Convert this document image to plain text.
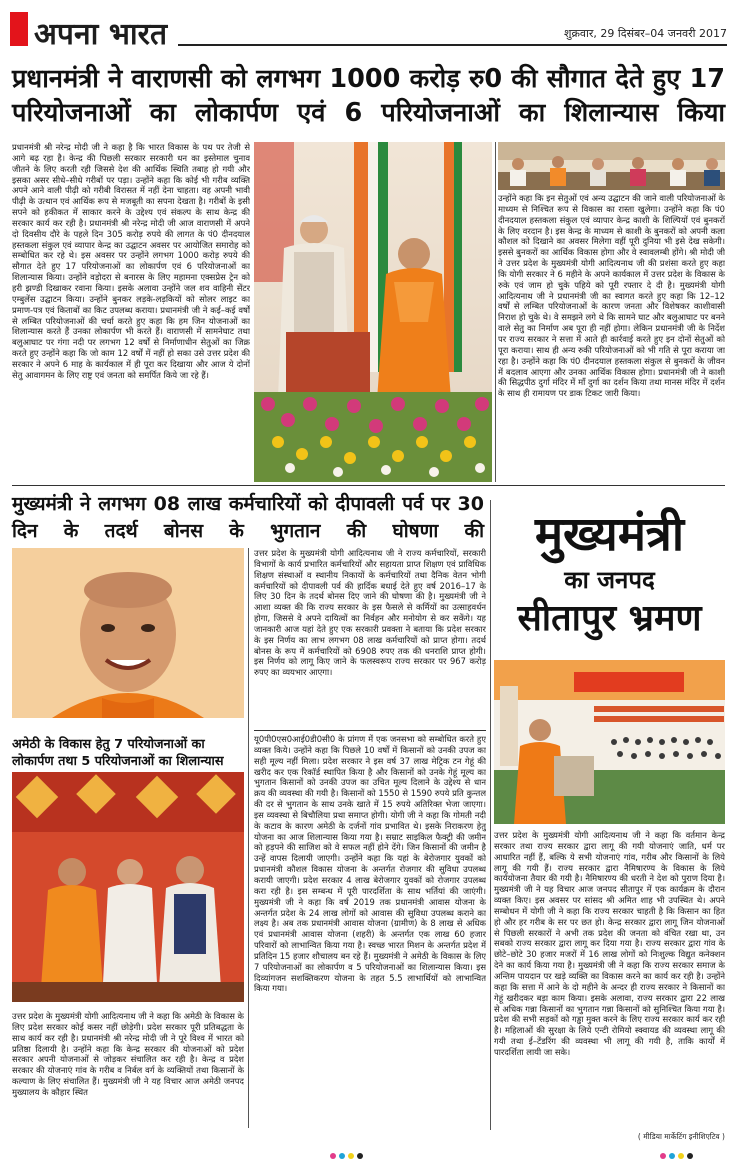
अपना भारत	शुक्रवार, 29 दिसंबर–04 जनवरी 2017
प्रधानमंत्री ने वाराणसी को लगभग 1000 करोड़ रु0 की सौगात देते हुए 17 परियोजनाओं का लोकार्पण एवं 6 परियोजनाओं का शिलान्यास किया

प्रधानमंत्री श्री नरेन्द्र मोदी जी ने कहा है कि भारत विकास के पथ पर तेजी से आगे बढ़ रहा है। केन्द्र की पिछली सरकार सरकारी धन का इस्तेमाल चुनाव जीतने के लिए करती रही जिससे देश की आर्थिक स्थिति तबाह हो गयी और इसका असर सीधे–सीधे गरीबों पर पड़ा। उन्होंने कहा कि कोई भी गरीब व्यक्ति अपने आने वाली पीढ़ी को गरीबी विरासत में नहीं देना चाहता। वह अपनी भावी पीढ़ी के उत्थान एवं आर्थिक रूप से मजबूती का सपना देखता है। गरीबों के इसी सपने को हकीकत में साकार करने के उद्देश्य एवं संकल्प के साथ केन्द्र की सरकार कार्य कर रही है। प्रधानमंत्री श्री नरेन्द्र मोदी जी आज वाराणसी में अपने दो दिवसीय दौरे के पहले दिन 305 करोड़ रुपये की लागत के पं0 दीनदयाल हस्तकला संकुल एवं व्यापार केन्द्र का उद्घाटन अवसर पर आयोजित समारोह को सम्बोधित कर रहे थे। इस अवसर पर उन्होंने लगभग 1000 करोड़ रुपये की सौगात देते हुए 17 परियोजनाओं का लोकार्पण एवं 6 परियोजनाओं का शिलान्यास किया। उन्होंने वड़ोदरा से बनारस के लिए महामना एक्सप्रेस ट्रेन को हरी झण्डी दिखाकर रवाना किया। इसके अलावा उन्होंने जल शव वाहिनी सेंटर एम्बुलेंस उद्घाटन किया। उन्होंने बुनकर लड़के-लड़कियों को सोलर लाइट का प्रमाण-पत्र एवं किताबों का किट उपलब्ध कराया। प्रधानमंत्री जी ने कई–कई वर्षों से लम्बित परियोजनाओं की चर्चा करते हुए कहा कि हम जिन योजनाओं का शिलान्यास करते हैं उनका लोकार्पण भी करते हैं। वाराणसी में सामनेघाट तथा बलुआघाट पर गंगा नदी पर लगभग 12 वर्षों से निर्माणाधीन सेतुओं का जिक्र करते हुए उन्होंने कहा कि जो काम 12 वर्षों में नहीं हो सका उसे उत्तर प्रदेश की सरकार ने अपने 6 माह के कार्यकाल में ही पूरा कर दिखाया और आज ये दोनों सेतु आवागमन के लिए राष्ट्र एवं जनता को समर्पित किये जा रहे हैं।

उन्होंने कहा कि इन सेतुओं एवं अन्य उद्घाटन की जाने वाली परियोजनाओं के माध्यम से निश्चित रूप से विकास का रास्ता खुलेगा। उन्होंने कहा कि पं0 दीनदयाल हस्तकला संकुल एवं व्यापार केन्द्र काशी के शिल्पियों एवं बुनकरों के लिए वरदान है। इस केन्द्र के माध्यम से काशी के बुनकरों को अपनी कला कौशल को दिखाने का अवसर मिलेगा वहीं पूरी दुनिया भी इसे देख सकेगी। इससे बुनकरों का आर्थिक विकास होगा और वे स्वावलम्बी होंगे। श्री मोदी जी ने उत्तर प्रदेश के मुख्यमंत्री योगी आदित्यनाथ जी की प्रशंसा करते हुए कहा कि योगी सरकार ने 6 महीने के अपने कार्यकाल में उत्तर प्रदेश के विकास के रुके एवं जाम हो चुके पहिये को पूरी रफ्तार दे दी है। मुख्यमंत्री योगी आदित्यनाथ जी ने प्रधानमंत्री जी का स्वागत करते हुए कहा कि 12–12 वर्षों से लम्बित परियोजनाओं के कारण जनता और विशेषकर काशीवासी निराश हो चुके थे। वे समझने लगे थे कि सामने घाट और बलुआघाट पर बनने वाले सेतु का निर्माण अब पूरा ही नहीं होगा। लेकिन प्रधानमंत्री जी के निर्देश पर राज्य सरकार ने सत्ता में आते ही कार्रवाई करते हुए इन दोनों सेतुओं को पूरा कराया। साथ ही अन्य रुकी परियोजनाओं को भी गति से पूरा कराया जा रहा है। उन्होंने कहा कि पं0 दीनदयाल हस्तकला संकुल से बुनकरों के जीवन में बदलाव आएगा और उनका आर्थिक विकास होगा। प्रधानमंत्री जी ने काशी की सिद्धपीठ दुर्गा मंदिर में माँ दुर्गा का दर्शन किया तथा मानस मंदिर में दर्शन के साथ ही रामायण पर डाक टिकट जारी किया।

मुख्यमंत्री ने लगभग 08 लाख कर्मचारियों को दीपावली पर्व पर 30 दिन के तदर्थ बोनस के भुगतान की घोषणा की

उत्तर प्रदेश के मुख्यमंत्री योगी आदित्यनाथ जी ने राज्य कर्मचारियों, सरकारी विभागों के कार्य प्रभारित कर्मचारियों और सहायता प्राप्त शिक्षण एवं प्राविधिक शिक्षण संस्थाओं व स्थानीय निकायों के कर्मचारियों तथा दैनिक वेतन भोगी कर्मचारियों को दीपावली पर्व की हार्दिक बधाई देते हुए वर्ष 2016–17 के लिए 30 दिन के तदर्थ बोनस दिए जाने की घोषणा की है। मुख्यमंत्री जी ने आशा व्यक्त की कि राज्य सरकार के इस फैसले से कर्मियों का उत्साहवर्धन होगा, जिससे वे अपने दायित्वों का निर्वहन और मनोयोग से कर सकेंगे। यह जानकारी आज यहां देते हुए एक सरकारी प्रवक्ता ने बताया कि प्रदेश सरकार के इस निर्णय का लाभ लगभग 08 लाख कर्मचारियों को प्राप्त होगा। तदर्थ बोनस के रूप में कर्मचारियों को 6908 रुपए तक की धनराशि प्राप्त होगी। इस निर्णय को लागू किए जाने के फलस्वरूप राज्य सरकार पर 967 करोड़ रुपए का व्ययभार आएगा।

अमेठी के विकास हेतु 7 परियोजनाओं का लोकार्पण तथा 5 परियोजनाओं का शिलान्यास

उत्तर प्रदेश के मुख्यमंत्री योगी आदित्यनाथ जी ने कहा कि अमेठी के विकास के लिए प्रदेश सरकार कोई कसर नहीं छोड़ेगी। प्रदेश सरकार पूरी प्रतिबद्धता के साथ कार्य कर रही है। प्रधानमंत्री श्री नरेन्द्र मोदी जी ने पूरे विश्व में भारत को प्रतिष्ठा दिलायी है। उन्होंने कहा कि केन्द्र सरकार की योजनाओं को प्रदेश सरकार अपनी योजनाओं से जोड़कर संचालित कर रही है। केन्द्र व प्रदेश सरकार की योजनाएं गांव के गरीब व निर्बल वर्ग के व्यक्तियों तथा किसानों के कल्याण के लिए संचालित हैं। मुख्यमंत्री जी ने यह विचार आज अमेठी जनपद मुख्यालय के कौहार स्थित

यू0पी0एस0आई0डी0सी0 के प्रांगण में एक जनसभा को सम्बोधित करते हुए व्यक्त किये। उन्होंने कहा कि पिछले 10 वर्षों में किसानों को उनकी उपज का सही मूल्य नहीं मिला। प्रदेश सरकार ने इस वर्ष 37 लाख मेट्रिक टन गेहूं की खरीद कर एक रिकॉर्ड स्थापित किया है और किसानों को उनके गेहूं मूल्य का भुगतान किसानों को उनकी उपज का उचित मूल्य दिलाने के उद्देश्य से धान क्रय की व्यवस्था की गयी है। किसानों को 1550 से 1590 रुपये प्रति कुन्तल की दर से भुगतान के साथ उनके खाते में 15 रुपये अतिरिक्त भेजा जाएगा। इस व्यवस्था से बिचौलिया प्रथा समाप्त होगी। योगी जी ने कहा कि गोमती नदी के कटाव के कारण अमेठी के दर्जनों गांव प्रभावित थे। इसके निराकरण हेतु योजना का आज शिलान्यास किया गया है। सम्राट साइकिल फैक्ट्री की जमीन को हड़पने की साजिश को वे सफल नहीं होने देंगे। जिन किसानों की जमीन है उन्हें वापस दिलायी जाएगी। उन्होंने कहा कि यहां के बेरोजगार युवकों को प्रधानमंत्री कौशल विकास योजना के अन्तर्गत रोजगार की सुविधा उपलब्ध करायी जाएगी। प्रदेश सरकार 4 लाख बेरोजगार युवकों को रोजगार उपलब्ध करा रही है। इस सम्बन्ध में पूरी पारदर्शिता के साथ भर्तियां की जाएंगी। मुख्यमंत्री जी ने कहा कि वर्ष 2019 तक प्रधानमंत्री आवास योजना के अन्तर्गत प्रदेश के 24 लाख लोगों को आवास की सुविधा उपलब्ध कराने का लक्ष्य है। अब तक प्रधानमंत्री आवास योजना (ग्रामीण) के 8 लाख से अधिक एवं प्रधानमंत्री आवास योजना (शहरी) के अन्तर्गत एक लाख 60 हजार परिवारों को लाभान्वित किया गया है। स्वच्छ भारत मिशन के अन्तर्गत प्रदेश में प्रतिदिन 15 हजार शौचालय बन रहे हैं। मुख्यमंत्री ने अमेठी के विकास के लिए 7 परियोजनाओं का लोकार्पण व 5 परियोजनाओं का शिलान्यास किया। इस दिव्यांगजन सशक्तिकरण योजना के तहत 5.5 लाभार्थियों को लाभान्वित किया गया।

मुख्यमंत्री
का जनपद
सीतापुर भ्रमण

उत्तर प्रदेश के मुख्यमंत्री योगी आदित्यनाथ जी ने कहा कि वर्तमान केन्द्र सरकार तथा राज्य सरकार द्वारा लागू की गयी योजनाएं जाति, धर्म पर आधारित नहीं हैं, बल्कि ये सभी योजनाएं गांव, गरीब और किसानों के लिये लागू की गयी हैं। राज्य सरकार द्वारा नैमिषारण्य के विकास के लिये कार्ययोजना तैयार की गयी है। नैमिषारण्य की धरती ने देश को पुराण दिया है। मुख्यमंत्री जी ने यह विचार आज जनपद सीतापुर में एक कार्यक्रम के दौरान व्यक्त किए। इस अवसर पर सांसद श्री अमित शाह भी उपस्थित थे। अपने सम्बोधन में योगी जी ने कहा कि राज्य सरकार चाहती है कि किसान का हित हो और हर गरीब के सर पर छत हो। केन्द्र सरकार द्वारा लागू जिन योजनाओं से पिछली सरकारों ने अभी तक प्रदेश की जनता को वंचित रखा था, उन सबको राज्य सरकार द्वारा लागू कर दिया गया है। राज्य सरकार द्वारा गांव के छोटे–छोटे 30 हजार मजरों में 16 लाख लोगों को निःशुल्क विद्युत कनेक्शन देने का कार्य किया गया है। मुख्यमंत्री जी ने कहा कि राज्य सरकार समाज के अन्तिम पायदान पर खड़े व्यक्ति का विकास करने का कार्य कर रही है। उन्होंने कहा कि सत्ता में आने के दो महीने के अन्दर ही राज्य सरकार ने किसानों का गेहूं खरीदकर बड़ा काम किया। इसके अलावा, राज्य सरकार द्वारा 22 लाख से अधिक गन्ना किसानों का भुगतान गन्ना किसानों को सुनिश्चित किया गया है। प्रदेश की सभी सड़कों को गड्ढा मुक्त करने के लिए राज्य सरकार कार्य कर रही है। महिलाओं की सुरक्षा के लिये एन्टी रोमियो स्क्वायड की व्यवस्था लागू की गयी तथा ई–टेंडरिंग की व्यवस्था भी लागू की गयी है, ताकि कार्यों में पारदर्शिता लायी जा सके।

( मीडिया मार्केटिंग इनीशिएटिव )
